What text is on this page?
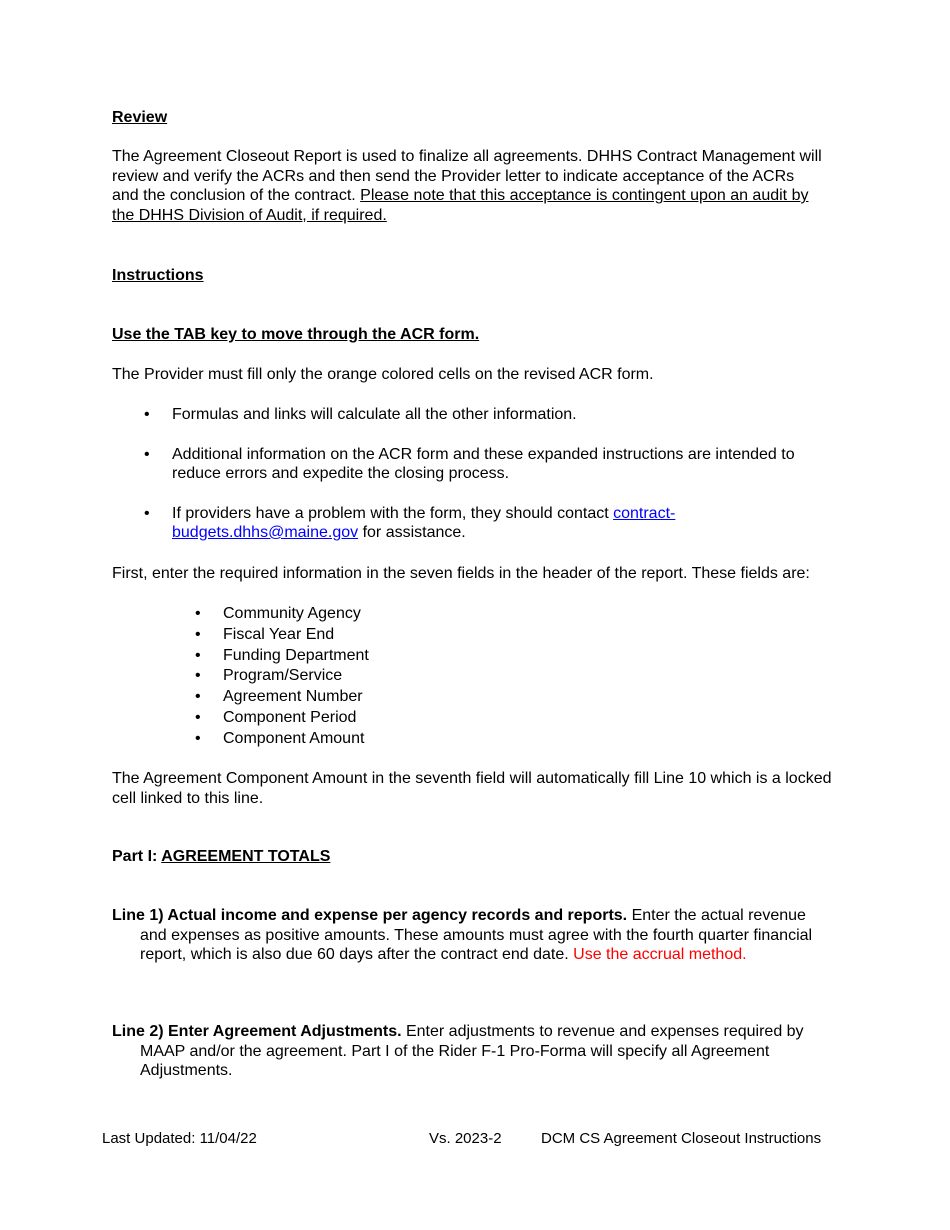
Review
The Agreement Closeout Report is used to finalize all agreements. DHHS Contract Management will review and verify the ACRs and then send the Provider letter to indicate acceptance of the ACRs and the conclusion of the contract. Please note that this acceptance is contingent upon an audit by the DHHS Division of Audit, if required.
Instructions
Use the TAB key to move through the ACR form.
The Provider must fill only the orange colored cells on the revised ACR form.
• Formulas and links will calculate all the other information.
• Additional information on the ACR form and these expanded instructions are intended to reduce errors and expedite the closing process.
• If providers have a problem with the form, they should contact contract-budgets.dhhs@maine.gov for assistance.
First, enter the required information in the seven fields in the header of the report. These fields are:
• Community Agency
• Fiscal Year End
• Funding Department
• Program/Service
• Agreement Number
• Component Period
• Component Amount
The Agreement Component Amount in the seventh field will automatically fill Line 10 which is a locked cell linked to this line.
Part I: AGREEMENT TOTALS
Line 1) Actual income and expense per agency records and reports. Enter the actual revenue and expenses as positive amounts. These amounts must agree with the fourth quarter financial report, which is also due 60 days after the contract end date. Use the accrual method.
Line 2) Enter Agreement Adjustments. Enter adjustments to revenue and expenses required by MAAP and/or the agreement. Part I of the Rider F-1 Pro-Forma will specify all Agreement Adjustments.
Last Updated: 11/04/22	Vs. 2023-2	DCM CS Agreement Closeout Instructions
